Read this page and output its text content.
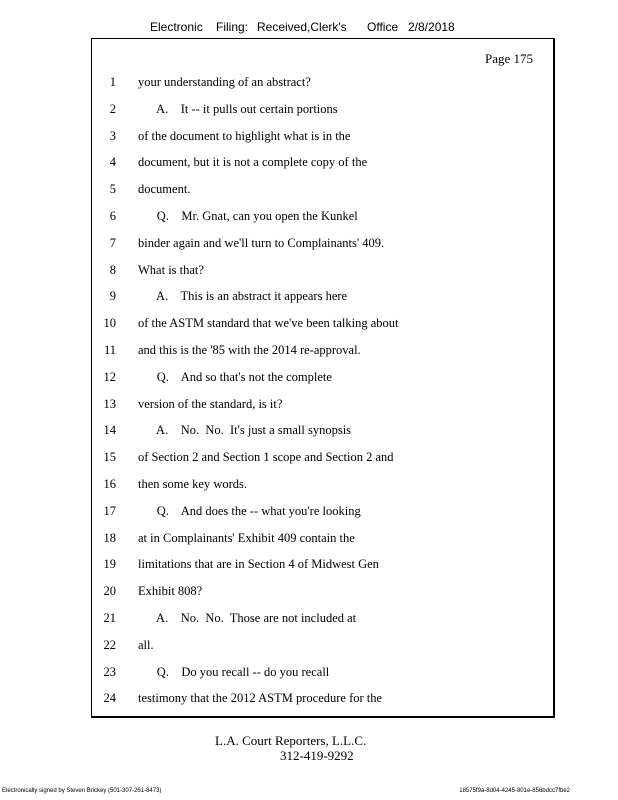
Electronic Filing: Received,Clerk's Office 2/8/2018
Page 175
1 your understanding of an abstract?
2 A.    It -- it pulls out certain portions
3 of the document to highlight what is in the
4 document, but it is not a complete copy of the
5 document.
6 Q.    Mr. Gnat, can you open the Kunkel
7 binder again and we'll turn to Complainants' 409.
8 What is that?
9 A.    This is an abstract it appears here
10 of the ASTM standard that we've been talking about
11 and this is the '85 with the 2014 re-approval.
12 Q.    And so that's not the complete
13 version of the standard, is it?
14 A.    No.  No.  It's just a small synopsis
15 of Section 2 and Section 1 scope and Section 2 and
16 then some key words.
17 Q.    And does the -- what you're looking
18 at in Complainants' Exhibit 409 contain the
19 limitations that are in Section 4 of Midwest Gen
20 Exhibit 808?
21 A.    No.  No.  Those are not included at
22 all.
23 Q.    Do you recall -- do you recall
24 testimony that the 2012 ASTM procedure for the
L.A. Court Reporters, L.L.C.
312-419-9292
Electronically signed by Steven Brickey (501-307-261-8473)	18575f9a-8d04-4245-801e-856bdcc7fbe2
